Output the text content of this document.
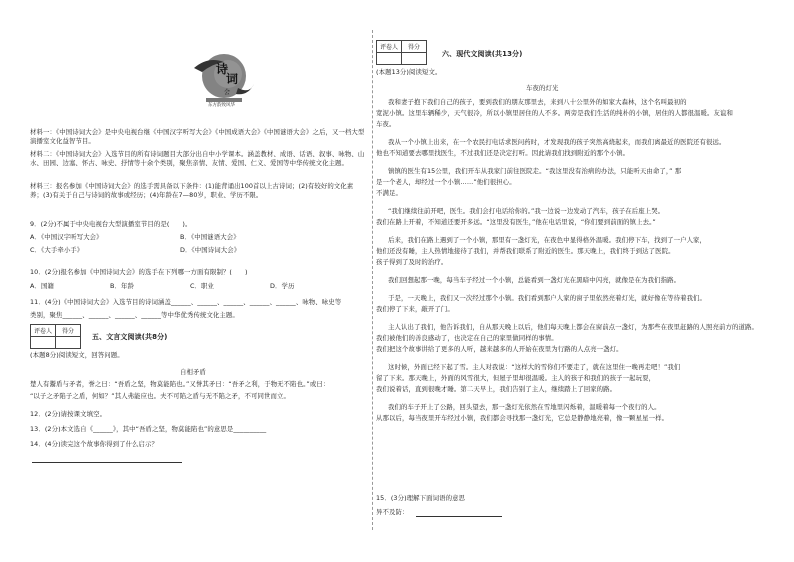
诗
词
会
东方韵致风华
材料一：《中国诗词大会》是中央电视台继《中国汉字听写大会》《中国成语大会》《中国谜语大会》之后，又一档大型演播室文化益智节目。
材料二：《中国诗词大会》入选节目的所有诗词题目大部分出自中小学课本。涵盖教材、成语、话语、叙事、咏物、山水、田园、边塞、怀古、咏史、抒情等十余个类别，聚焦亲情、友情、爱国、仁义、爱国等中华传统文化主题。
材料三：报名参加《中国诗词大会》的选手需具备以下条件：(1)能背诵出100首以上古诗词；(2)有较好的文化素养；(3)有关于自己与诗词的故事或经历；(4)年龄在7—80岁，职业、学历不限。
9．(2分)不属于中央电视台大型演播室节目的是(　　)。
A．《中国汉字听写大会》	B．《中国谜语大会》
C．《大手牵小手》	D．《中国诗词大会》
10．(2分)报名参加《中国诗词大会》的选手在下列哪一方面有限制？(　　)
A．国籍	B．年龄	C．职业	D．学历
11．(4分)《中国诗词大会》入选节目的诗词涵盖______、______、______、______、______、咏物、咏史等
类别，聚焦______、______、______、______等中华优秀传统文化主题。
评卷人	得分

五、文言文阅读(共8分)
(本题8分)阅读短文，回答问题。
自相矛盾
楚人有鬻盾与矛者，誉之曰：“吾盾之坚，物莫能陷也。”又誉其矛曰：“吾矛之利，于物无不陷也。”或曰：
“以子之矛陷子之盾，何如？”其人弗能应也。夫不可陷之盾与无不陷之矛，不可同世而立。
12．(2分)请按课文填空。
13．(2分)本文选自《______》，其中“吾盾之坚，物莫能陷也”的意思是__________
14．(4分)读完这个故事你得到了什么启示？
评卷人	得分

六、现代文阅读(共13分)
(本题13分)阅读短文。
车夜的灯光
我和妻子抱下我们自己的孩子，要到我们的朋友那里去，来到八十公里外的如家大森林，这个名叫最初的
宽泥小镇。这里车辆稀少，天气很冷，所以小镇里居住的人不多。两旁是我们生活的纯朴的小镇，居住的人都很温暖。友谊和
车夜。
我从一个小镇上出来，在一个农民打电话求医问药时，才发现我的孩子突然高烧起来，而我们离最近的医院还有很远。
他也不知道要去哪里找医生，不过我们还是决定打听。因此请我们找到附近的那个小镇。
镇镇的医生有15公里，我们开车从我家门前往医院走。“我这里没有治病的办法，只能听天由命了，” 那
是一个老人，却经过一个小镇……”他们很担心。
不满足。
“我们继续往前开吧，医生。我们会打电话给你的。”我一边说一边发动了汽车，孩子在后座上哭。
我们在路上开着，不知道还要开多远。“这里没有医生，”他在电话里说，“你们要到前面的镇上去。”
后来，我们在路上遇到了一个小镇，那里有一盏灯光，在夜色中显得格外温暖。我们停下车，找到了一户人家，
他们还没有睡，主人热情地接待了我们，并帮我们联系了附近的医生。那天晚上，我们终于到达了医院。
孩子得到了及时的治疗。
我们回想起那一晚，每当车子经过一个小镇，总能看到一盏灯光在黑暗中闪亮，就像是在为我们指路。
于是，一天晚上，我们又一次经过那个小镇。我们看到那户人家的窗子里依然亮着灯光，就好像在等待着我们。
我们停了下来，敲开了门。
主人认出了我们，他告诉我们，自从那天晚上以后，他们每天晚上都会在窗前点一盏灯，为那些在夜里赶路的人照亮前方的道路。
我们被他们的善良感动了，也决定在自己的家里做同样的事情。
我们把这个故事讲给了更多的人听，越来越多的人开始在夜里为行路的人点亮一盏灯。
这时候，外面已经下起了雪。主人对我说：“这样大的雪你们不要走了，就在这里住一晚再走吧！”我们
留了下来。那天晚上，外面的风雪很大，但屋子里却很温暖。主人的孩子和我们的孩子一起玩耍，
我们说着话，直到很晚才睡。第二天早上，我们告别了主人，继续踏上了回家的路。
我们的车子开上了公路，回头望去，那一盏灯光依然在雪地里闪烁着，温暖着每一个夜行的人。
从那以后，每当夜里开车经过小镇，我们都会寻找那一盏灯光，它总是静静地亮着，像一颗星星一样。
15．(3分)理解下面词语的意思
异不及防：
